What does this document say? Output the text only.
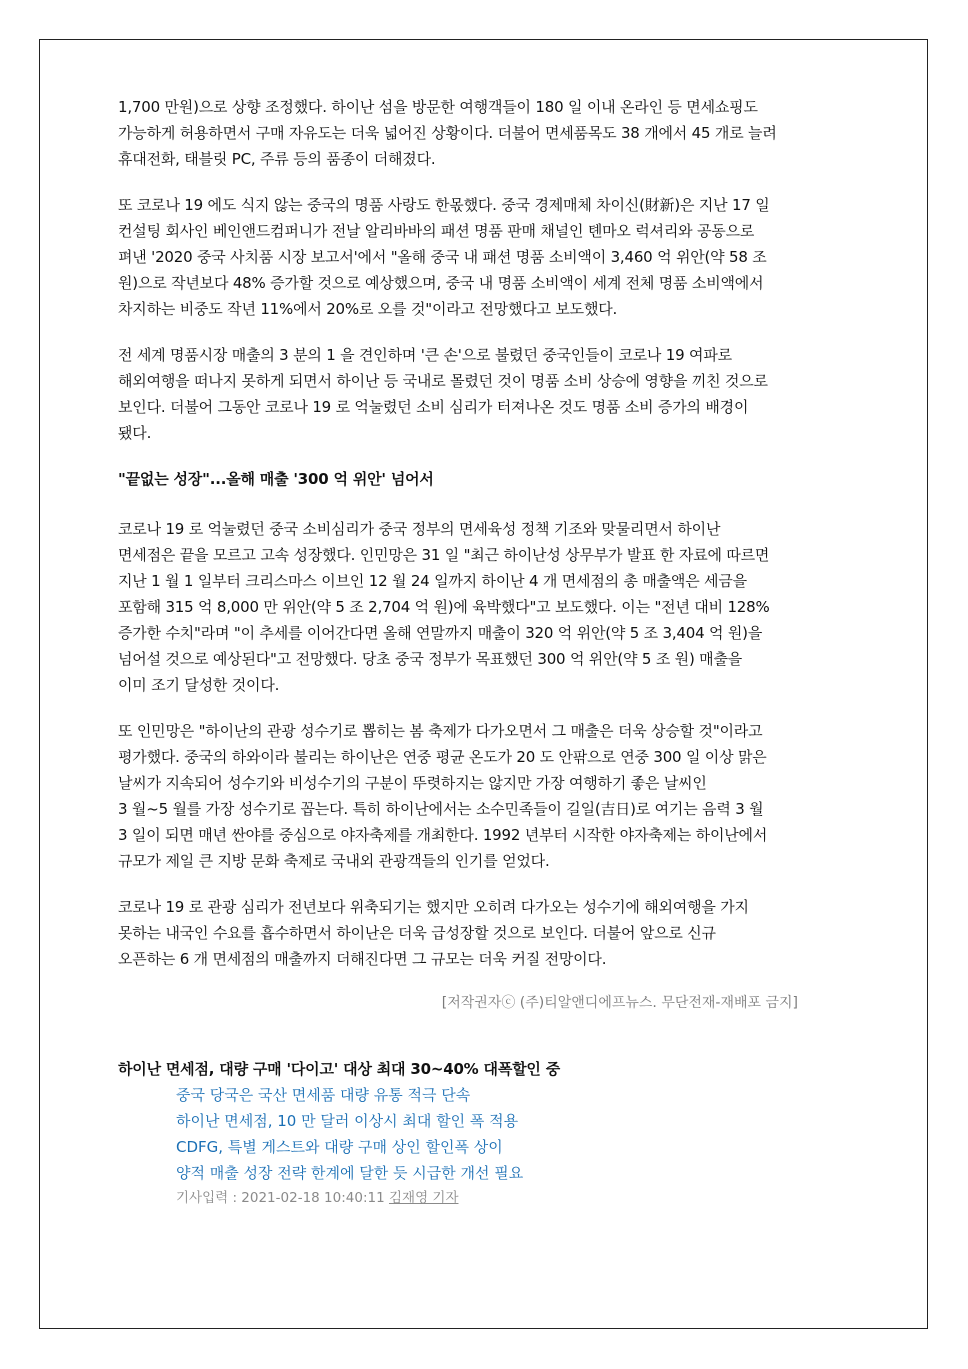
1,700 만원)으로 상향 조정했다. 하이난 섬을 방문한 여행객들이 180 일 이내 온라인 등 면세쇼핑도
가능하게 허용하면서 구매 자유도는 더욱 넓어진 상황이다. 더불어 면세품목도 38 개에서 45 개로 늘려
휴대전화, 태블릿 PC, 주류 등의 품종이 더해졌다.
또 코로나 19 에도 식지 않는 중국의 명품 사랑도 한몫했다. 중국 경제매체 차이신(財新)은 지난 17 일
컨설팅 회사인 베인앤드컴퍼니가 전날 알리바바의 패션 명품 판매 채널인 톈마오 럭셔리와 공동으로
펴낸 '2020 중국 사치품 시장 보고서'에서 "올해 중국 내 패션 명품 소비액이 3,460 억 위안(약 58 조
원)으로 작년보다 48% 증가할 것으로 예상했으며, 중국 내 명품 소비액이 세계 전체 명품 소비액에서
차지하는 비중도 작년 11%에서 20%로 오를 것"이라고 전망했다고 보도했다.
전 세계 명품시장 매출의 3 분의 1 을 견인하며 '큰 손'으로 불렸던 중국인들이 코로나 19 여파로
해외여행을 떠나지 못하게 되면서 하이난 등 국내로 몰렸던 것이 명품 소비 상승에 영향을 끼친 것으로
보인다. 더불어 그동안 코로나 19 로 억눌렸던 소비 심리가 터져나온 것도 명품 소비 증가의 배경이
됐다.
"끝없는 성장"...올해 매출 '300 억 위안' 넘어서
코로나 19 로 억눌렸던 중국 소비심리가 중국 정부의 면세육성 정책 기조와 맞물리면서 하이난
면세점은 끝을 모르고 고속 성장했다. 인민망은 31 일 "최근 하이난성 상무부가 발표 한 자료에 따르면
지난 1 월 1 일부터 크리스마스 이브인 12 월 24 일까지 하이난 4 개 면세점의 총 매출액은 세금을
포함해 315 억 8,000 만 위안(약 5 조 2,704 억 원)에 육박했다"고 보도했다. 이는 "전년 대비 128%
증가한 수치"라며 "이 추세를 이어간다면 올해 연말까지 매출이 320 억 위안(약 5 조 3,404 억 원)을
넘어설 것으로 예상된다"고 전망했다. 당초 중국 정부가 목표했던 300 억 위안(약 5 조 원) 매출을
이미 조기 달성한 것이다.
또 인민망은 "하이난의 관광 성수기로 뽑히는 봄 축제가 다가오면서 그 매출은 더욱 상승할 것"이라고
평가했다. 중국의 하와이라 불리는 하이난은 연중 평균 온도가 20 도 안팎으로 연중 300 일 이상 맑은
날씨가 지속되어 성수기와 비성수기의 구분이 뚜렷하지는 않지만 가장 여행하기 좋은 날씨인
3 월~5 월를 가장 성수기로 꼽는다. 특히 하이난에서는 소수민족들이 길일(吉日)로 여기는 음력 3 월
3 일이 되면 매년 싼야를 중심으로 야자축제를 개최한다. 1992 년부터 시작한 야자축제는 하이난에서
규모가 제일 큰 지방 문화 축제로 국내외 관광객들의 인기를 얻었다.
코로나 19 로 관광 심리가 전년보다 위축되기는 했지만 오히려 다가오는 성수기에 해외여행을 가지
못하는 내국인 수요를 흡수하면서 하이난은 더욱 급성장할 것으로 보인다. 더불어 앞으로 신규
오픈하는 6 개 면세점의 매출까지 더해진다면 그 규모는 더욱 커질 전망이다.
[저작권자ⓒ (주)티알앤디에프뉴스. 무단전재-재배포 금지]
하이난 면세점, 대량 구매 '다이고' 대상 최대 30~40% 대폭할인 중
중국 당국은 국산 면세품 대량 유통 적극 단속
하이난 면세점, 10 만 달러 이상시 최대 할인 폭 적용
CDFG, 특별 게스트와 대량 구매 상인 할인폭 상이
양적 매출 성장 전략 한계에 달한 듯 시급한 개선 필요
기사입력 : 2021-02-18 10:40:11 김재영 기자
